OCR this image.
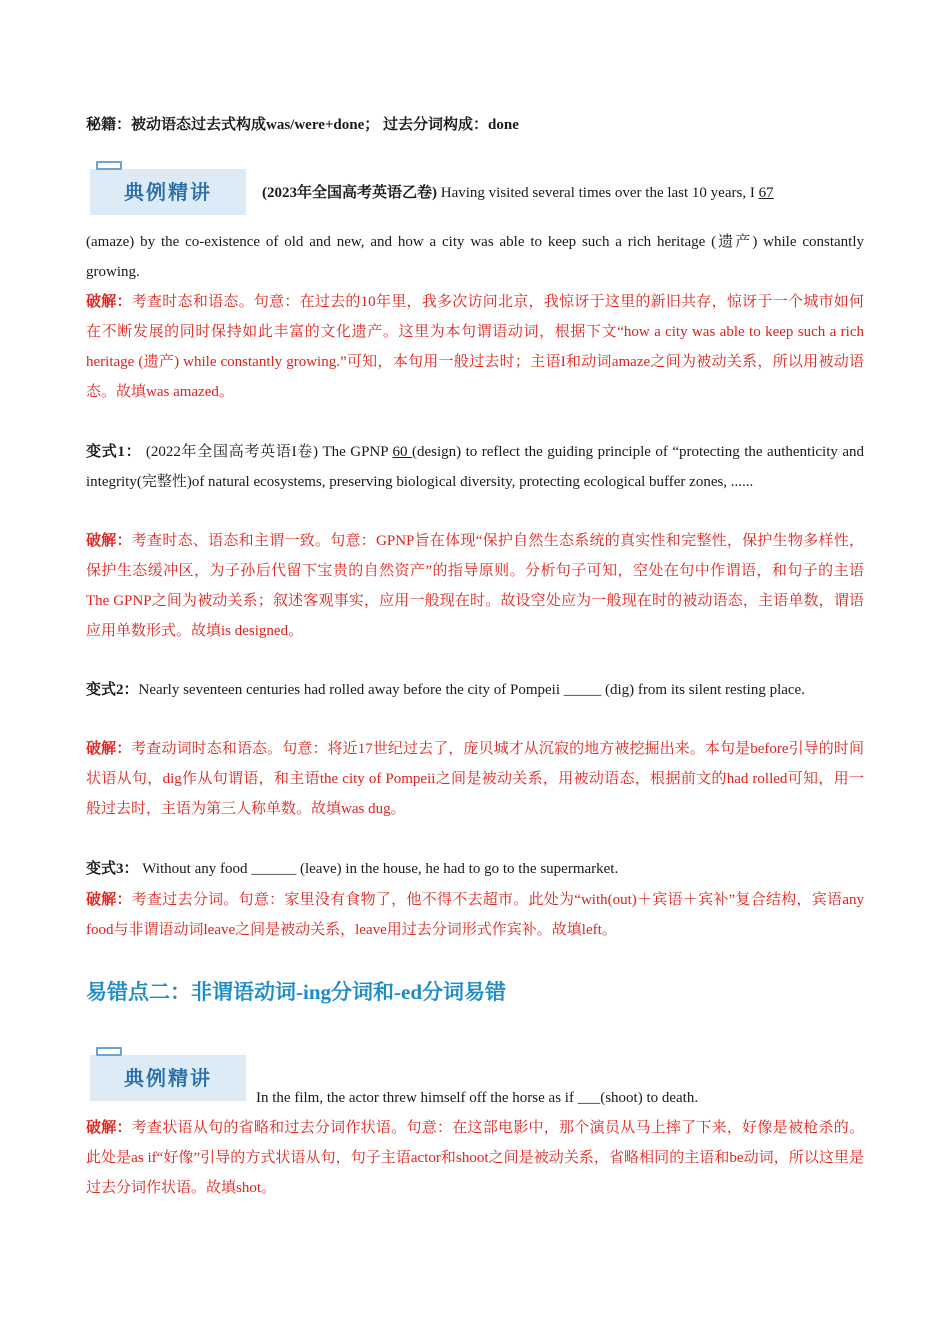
秘籍：被动语态过去式构成was/were+done； 过去分词构成：done
典例精讲	(2023年全国高考英语乙卷) Having visited several times over the last 10 years, I 67
(amaze) by the co-existence of old and new, and how a city was able to keep such a rich heritage (遗产) while constantly growing.
破解：考查时态和语态。句意：在过去的10年里，我多次访问北京，我惊讶于这里的新旧共存，惊讶于一个城市如何在不断发展的同时保持如此丰富的文化遗产。这里为本句谓语动词，根据下文“how a city was able to keep such a rich heritage (遗产) while constantly growing.”可知，本句用一般过去时；主语I和动词amaze之间为被动关系，所以用被动语态。故填was amazed。
变式1： (2022年全国高考英语I卷) The GPNP 60 (design) to reflect the guiding principle of “protecting the authenticity and integrity(完整性)of natural ecosystems, preserving biological diversity, protecting ecological buffer zones, ......
破解：考查时态、语态和主谓一致。句意：GPNP旨在体现“保护自然生态系统的真实性和完整性，保护生物多样性，保护生态缓冲区，为子孙后代留下宝贵的自然资产”的指导原则。分析句子可知，空处在句中作谓语，和句子的主语The GPNP之间为被动关系；叙述客观事实，应用一般现在时。故设空处应为一般现在时的被动语态，主语单数，谓语应用单数形式。故填is designed。
变式2：Nearly seventeen centuries had rolled away before the city of Pompeii _____ (dig) from its silent resting place.
破解：考查动词时态和语态。句意：将近17世纪过去了，庞贝城才从沉寂的地方被挖掘出来。本句是before引导的时间状语从句，dig作从句谓语，和主语the city of Pompeii之间是被动关系，用被动语态，根据前文的had rolled可知，用一般过去时，主语为第三人称单数。故填was dug。
变式3： Without any food ______ (leave) in the house, he had to go to the supermarket.
破解：考查过去分词。句意：家里没有食物了，他不得不去超市。此处为“with(out)＋宾语＋宾补”复合结构，宾语any food与非谓语动词leave之间是被动关系，leave用过去分词形式作宾补。故填left。
易错点二：非谓语动词-ing分词和-ed分词易错
典例精讲
In the film, the actor threw himself off the horse as if ___(shoot) to death.
破解：考查状语从句的省略和过去分词作状语。句意：在这部电影中，那个演员从马上摔了下来，好像是被枪杀的。此处是as if“好像”引导的方式状语从句，句子主语actor和shoot之间是被动关系，省略相同的主语和be动词，所以这里是过去分词作状语。故填shot。
